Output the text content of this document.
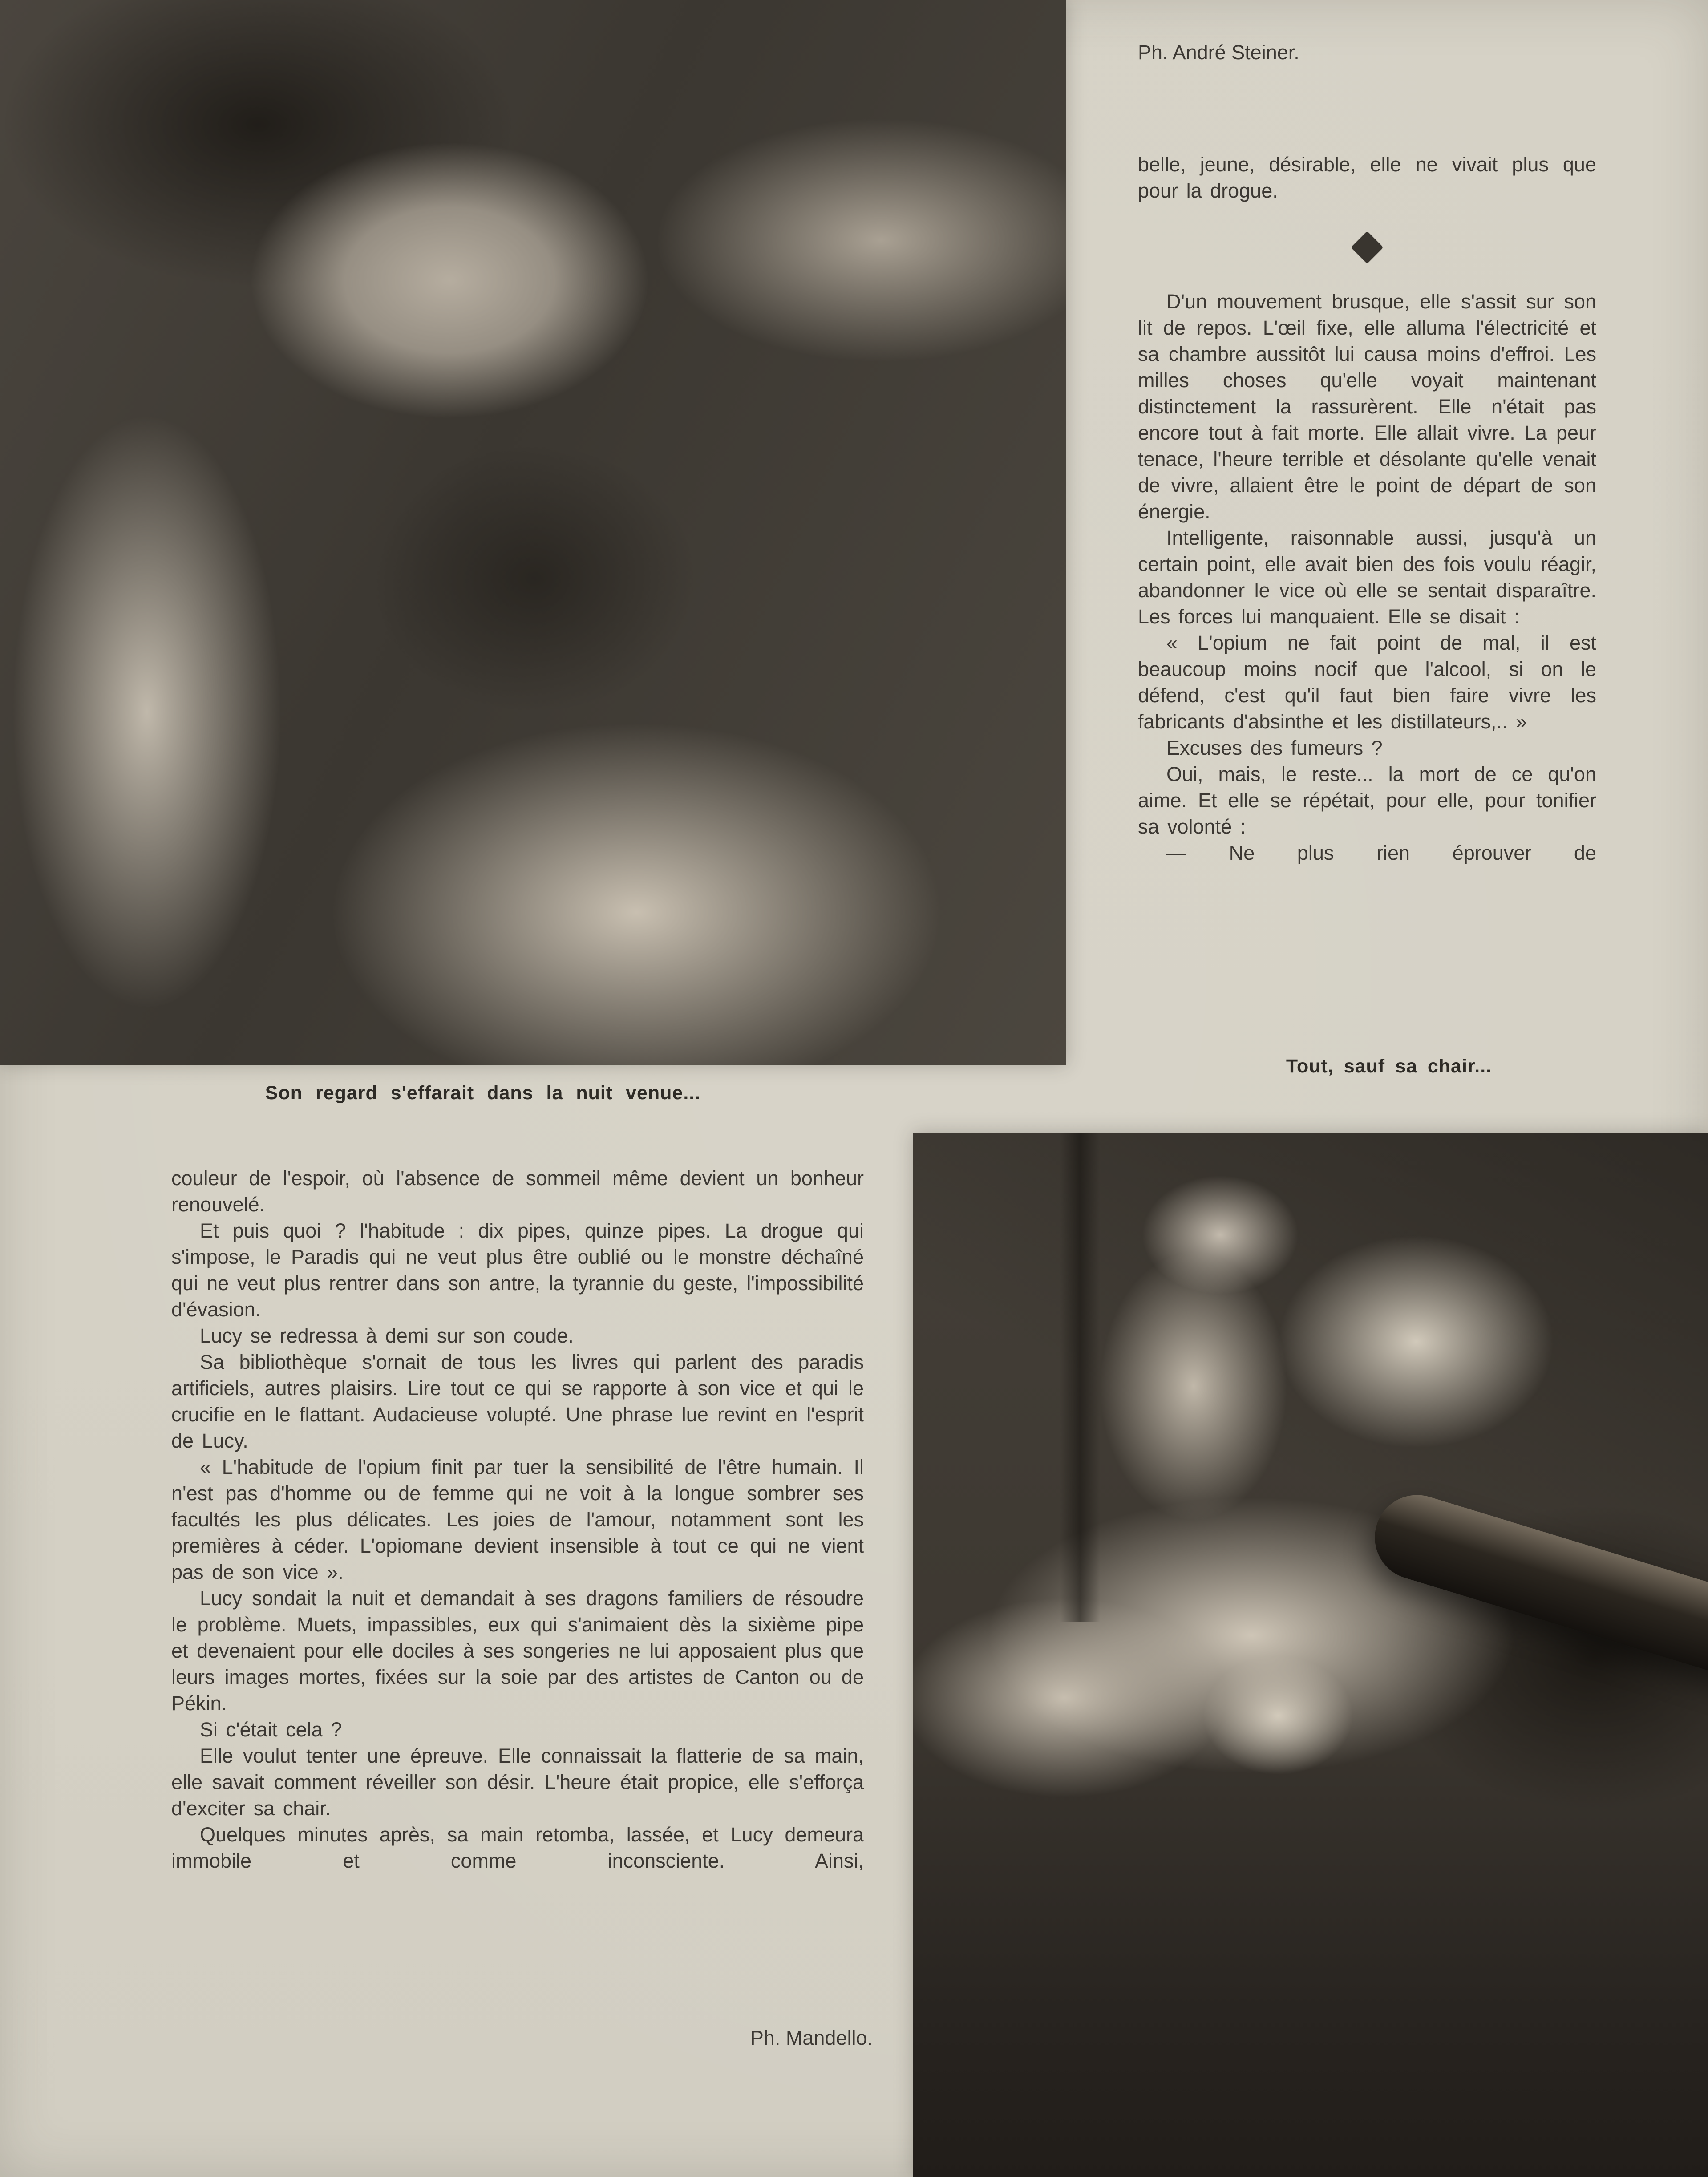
Son regard s'effarait dans la nuit venue...
Ph. André Steiner.

belle, jeune, désirable, elle ne vivait plus que pour la drogue.

D'un mouvement brusque, elle s'assit sur son lit de repos. L'œil fixe, elle alluma l'électricité et sa chambre aussitôt lui causa moins d'effroi. Les milles choses qu'elle voyait maintenant distinctement la rassurèrent. Elle n'était pas encore tout à fait morte. Elle allait vivre. La peur tenace, l'heure terrible et désolante qu'elle venait de vivre, allaient être le point de départ de son énergie.

Intelligente, raisonnable aussi, jusqu'à un certain point, elle avait bien des fois voulu réagir, abandonner le vice où elle se sentait disparaître. Les forces lui manquaient. Elle se disait :

« L'opium ne fait point de mal, il est beaucoup moins nocif que l'alcool, si on le défend, c'est qu'il faut bien faire vivre les fabricants d'absinthe et les distillateurs,.. »

Excuses des fumeurs ?

Oui, mais, le reste... la mort de ce qu'on aime. Et elle se répétait, pour elle, pour tonifier sa volonté :

— Ne plus rien éprouver de

Tout, sauf sa chair...

couleur de l'espoir, où l'absence de sommeil même devient un bonheur renouvelé.

Et puis quoi ? l'habitude : dix pipes, quinze pipes. La drogue qui s'impose, le Paradis qui ne veut plus être oublié ou le monstre déchaîné qui ne veut plus rentrer dans son antre, la tyrannie du geste, l'impossibilité d'évasion.

Lucy se redressa à demi sur son coude.

Sa bibliothèque s'ornait de tous les livres qui parlent des paradis artificiels, autres plaisirs. Lire tout ce qui se rapporte à son vice et qui le crucifie en le flattant. Audacieuse volupté. Une phrase lue revint en l'esprit de Lucy.

« L'habitude de l'opium finit par tuer la sensibilité de l'être humain. Il n'est pas d'homme ou de femme qui ne voit à la longue sombrer ses facultés les plus délicates. Les joies de l'amour, notamment sont les premières à céder. L'opiomane devient insensible à tout ce qui ne vient pas de son vice ».

Lucy sondait la nuit et demandait à ses dragons familiers de résoudre le problème. Muets, impassibles, eux qui s'animaient dès la sixième pipe et devenaient pour elle dociles à ses songeries ne lui apposaient plus que leurs images mortes, fixées sur la soie par des artistes de Canton ou de Pékin.

Si c'était cela ?

Elle voulut tenter une épreuve. Elle connaissait la flatterie de sa main, elle savait comment réveiller son désir. L'heure était propice, elle s'efforça d'exciter sa chair.

Quelques minutes après, sa main retomba, lassée, et Lucy demeura immobile et comme inconsciente. Ainsi,

Ph. Mandello.
